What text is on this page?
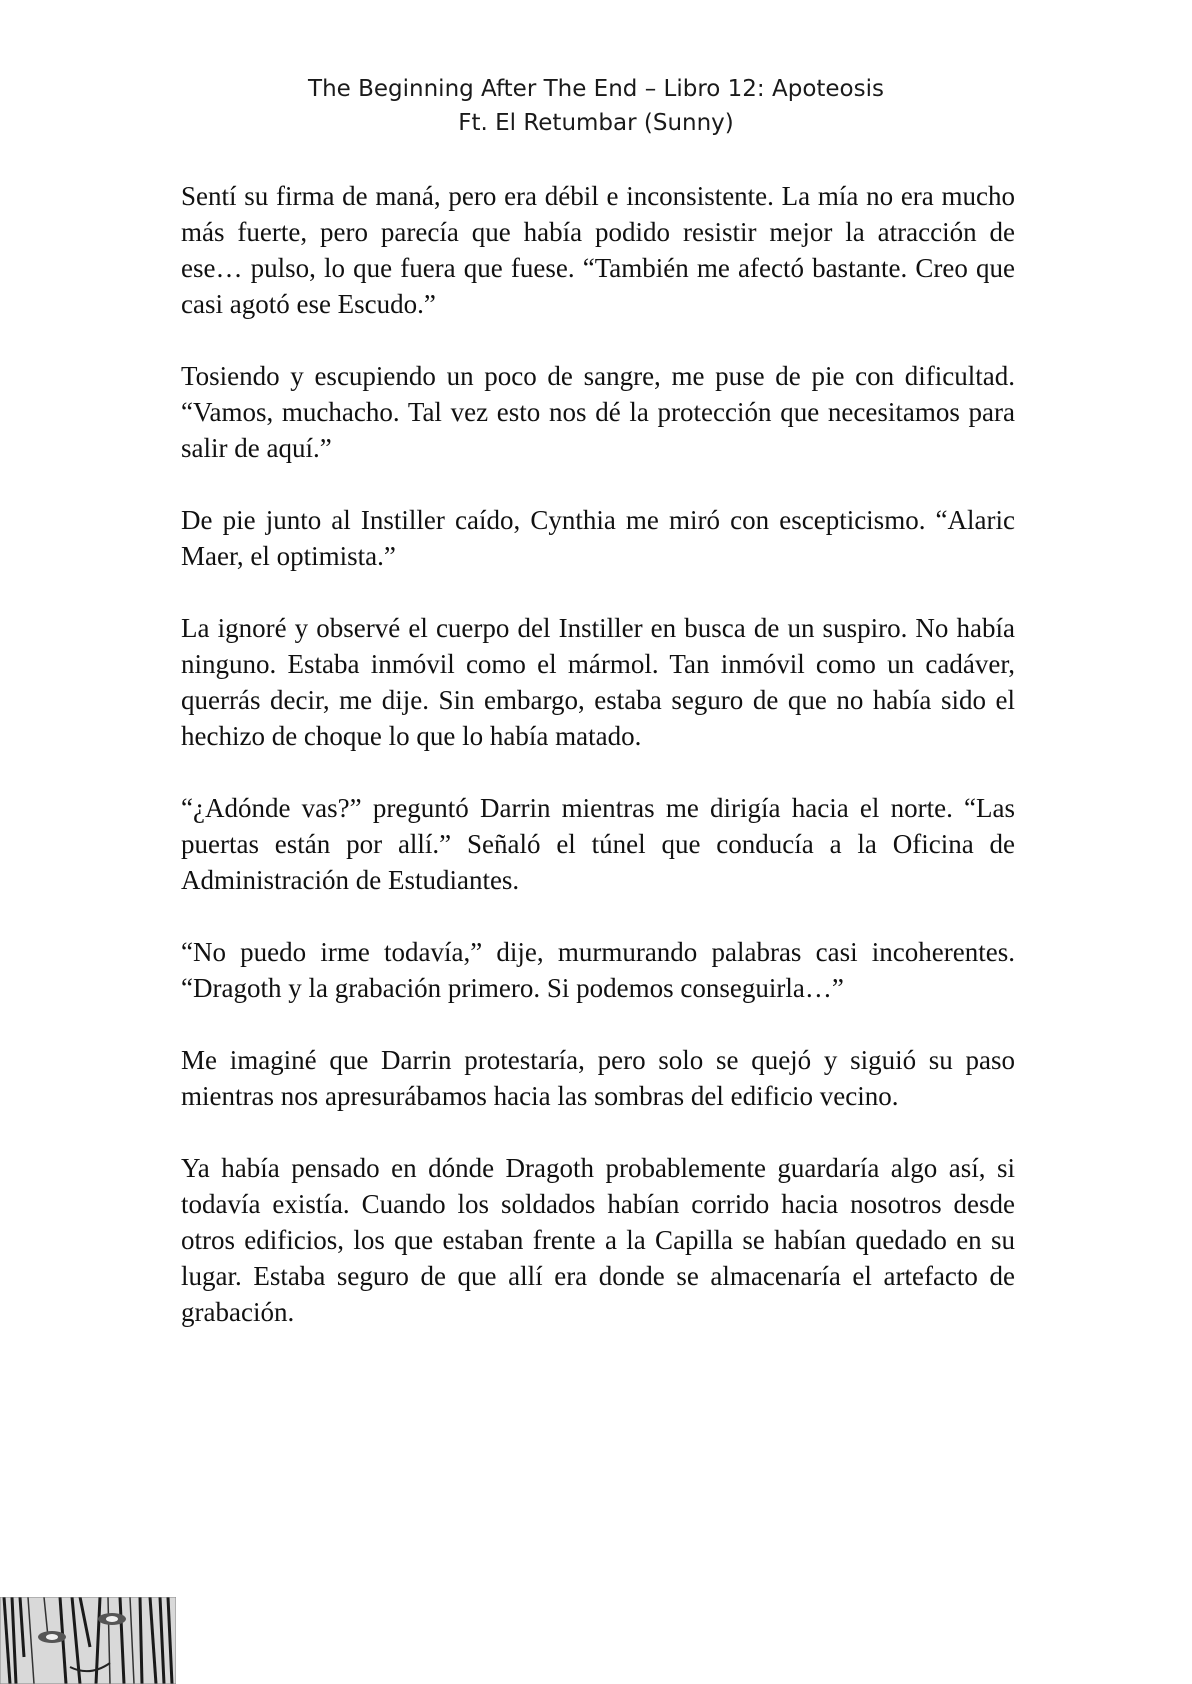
The Beginning After The End – Libro 12: Apoteosis
Ft. El Retumbar (Sunny)

Sentí su firma de maná, pero era débil e inconsistente. La mía no era mucho más fuerte, pero parecía que había podido resistir mejor la atracción de ese… pulso, lo que fuera que fuese. “También me afectó bastante. Creo que casi agotó ese Escudo.”

Tosiendo y escupiendo un poco de sangre, me puse de pie con dificultad. “Vamos, muchacho. Tal vez esto nos dé la protección que necesitamos para salir de aquí.”

De pie junto al Instiller caído, Cynthia me miró con escepticismo. “Alaric Maer, el optimista.”

La ignoré y observé el cuerpo del Instiller en busca de un suspiro. No había ninguno. Estaba inmóvil como el mármol. Tan inmóvil como un cadáver, querrás decir, me dije. Sin embargo, estaba seguro de que no había sido el hechizo de choque lo que lo había matado.

“¿Adónde vas?” preguntó Darrin mientras me dirigía hacia el norte. “Las puertas están por allí.” Señaló el túnel que conducía a la Oficina de Administración de Estudiantes.

“No puedo irme todavía,” dije, murmurando palabras casi incoherentes. “Dragoth y la grabación primero. Si podemos conseguirla…”

Me imaginé que Darrin protestaría, pero solo se quejó y siguió su paso mientras nos apresurábamos hacia las sombras del edificio vecino.

Ya había pensado en dónde Dragoth probablemente guardaría algo así, si todavía existía. Cuando los soldados habían corrido hacia nosotros desde otros edificios, los que estaban frente a la Capilla se habían quedado en su lugar. Estaba seguro de que allí era donde se almacenaría el artefacto de grabación.
